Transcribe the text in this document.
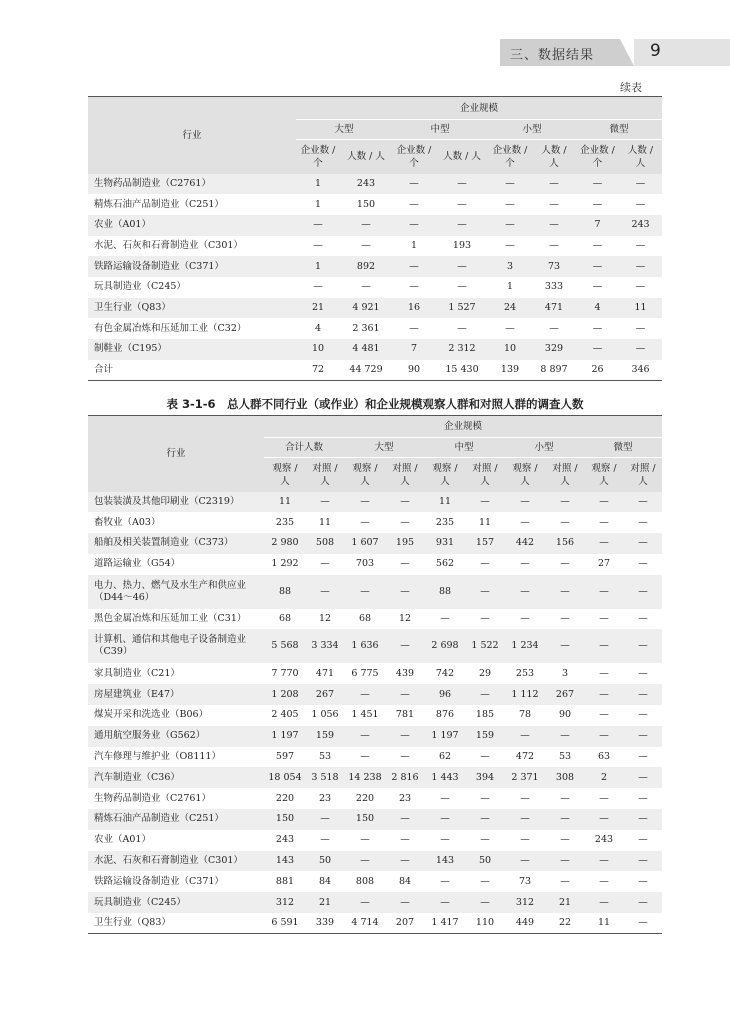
三、数据结果	9
续表
行业	企业规模							
	大型		中型		小型		微型	
	企业数 / 个	人数 / 人	企业数 / 个	人数 / 人	企业数 / 个	人数 / 人	企业数 / 个	人数 / 人
生物药品制造业（C2761）	1	243	—	—	—	—	—	—
精炼石油产品制造业（C251）	1	150	—	—	—	—	—	—
农业（A01）	—	—	—	—	—	—	7	243
水泥、石灰和石膏制造业（C301）	—	—	1	193	—	—	—	—
铁路运输设备制造业（C371）	1	892	—	—	3	73	—	—
玩具制造业（C245）	—	—	—	—	1	333	—	—
卫生行业（Q83）	21	4 921	16	1 527	24	471	4	11
有色金属冶炼和压延加工业（C32）	4	2 361	—	—	—	—	—	—
制鞋业（C195）	10	4 481	7	2 312	10	329	—	—
合计	72	44 729	90	15 430	139	8 897	26	346
表 3-1-6　总人群不同行业（或作业）和企业规模观察人群和对照人群的调查人数
行业	企业规模									
	合计人数		大型		中型		小型		微型	
	观察 / 人	对照 / 人	观察 / 人	对照 / 人	观察 / 人	对照 / 人	观察 / 人	对照 / 人	观察 / 人	对照 / 人
包装装潢及其他印刷业（C2319）	11	—	—	—	11	—	—	—	—	—
畜牧业（A03）	235	11	—	—	235	11	—	—	—	—
船舶及相关装置制造业（C373）	2 980	508	1 607	195	931	157	442	156	—	—
道路运输业（G54）	1 292	—	703	—	562	—	—	—	27	—
电力、热力、燃气及水生产和供应业（D44～46）	88	—	—	—	88	—	—	—	—	—
黑色金属冶炼和压延加工业（C31）	68	12	68	12	—	—	—	—	—	—
计算机、通信和其他电子设备制造业（C39）	5 568	3 334	1 636	—	2 698	1 522	1 234	—	—	—
家具制造业（C21）	7 770	471	6 775	439	742	29	253	3	—	—
房屋建筑业（E47）	1 208	267	—	—	96	—	1 112	267	—	—
煤炭开采和洗选业（B06）	2 405	1 056	1 451	781	876	185	78	90	—	—
通用航空服务业（G562）	1 197	159	—	—	1 197	159	—	—	—	—
汽车修理与维护业（O8111）	597	53	—	—	62	—	472	53	63	—
汽车制造业（C36）	18 054	3 518	14 238	2 816	1 443	394	2 371	308	2	—
生物药品制造业（C2761）	220	23	220	23	—	—	—	—	—	—
精炼石油产品制造业（C251）	150	—	150	—	—	—	—	—	—	—
农业（A01）	243	—	—	—	—	—	—	—	243	—
水泥、石灰和石膏制造业（C301）	143	50	—	—	143	50	—	—	—	—
铁路运输设备制造业（C371）	881	84	808	84	—	—	73	—	—	—
玩具制造业（C245）	312	21	—	—	—	—	312	21	—	—
卫生行业（Q83）	6 591	339	4 714	207	1 417	110	449	22	11	—
